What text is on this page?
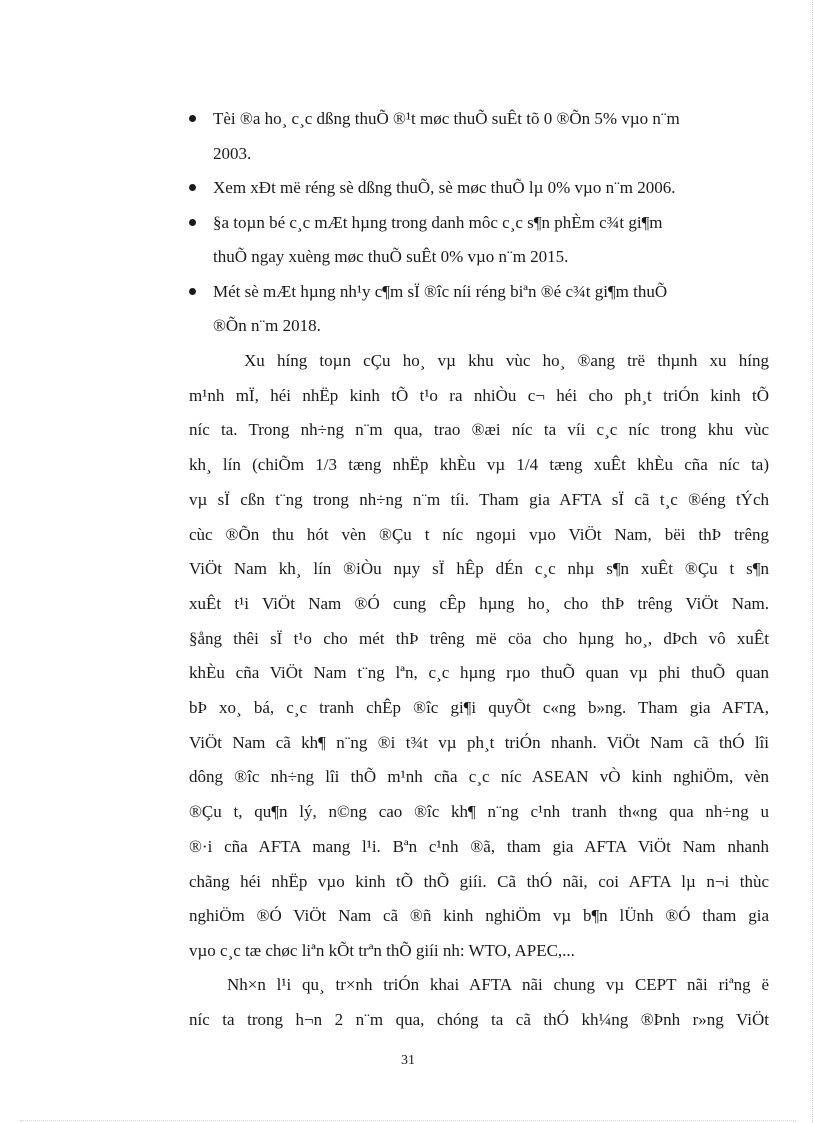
Tèi ®a ho¸ c¸c dßng thuÕ ®¹t møc thuÕ suÊt tõ 0 ®Õn 5% vµo n¨m
2003.
Xem xÐt më réng sè dßng thuÕ, sè møc thuÕ lµ 0% vµo n¨m 2006.
§a toµn bé c¸c mÆt hµng trong danh môc c¸c s¶n phÈm c¾t gi¶m
thuÕ ngay xuèng møc thuÕ suÊt 0% vµo n¨m 2015.
Mét sè mÆt hµng nh¹y c¶m sÏ ®îc níi réng biªn ®é c¾t gi¶m thuÕ
®Õn n¨m 2018.
Xu híng toµn cÇu ho¸ vµ khu vùc ho¸ ®ang trë thµnh xu híng
m¹nh mÏ, héi nhËp kinh tÕ t¹o ra nhiÒu c¬ héi cho ph¸t triÓn kinh tÕ
níc ta. Trong nh÷ng n¨m qua, trao ®æi níc ta víi c¸c níc trong khu vùc
kh¸ lín (chiÕm 1/3 tæng nhËp khÈu vµ 1/4 tæng xuÊt khÈu cña níc ta)
vµ sÏ cßn t¨ng trong nh÷ng n¨m tíi. Tham gia AFTA sÏ cã t¸c ®éng tÝch
cùc ®Õn thu hót vèn ®Çu t níc ngoµi vµo ViÖt Nam, bëi thÞ trêng
ViÖt Nam kh¸ lín ®iÒu nµy sÏ hÊp dÉn c¸c nhµ s¶n xuÊt ®Çu t s¶n
xuÊt t¹i ViÖt Nam ®Ó cung cÊp hµng ho¸ cho thÞ trêng ViÖt Nam.
§ång thêi sÏ t¹o cho mét thÞ trêng më cöa cho hµng ho¸, dÞch vô xuÊt
khÈu cña ViÖt Nam t¨ng lªn, c¸c hµng rµo thuÕ quan vµ phi thuÕ quan
bÞ xo¸ bá, c¸c tranh chÊp ®îc gi¶i quyÕt c«ng b»ng. Tham gia AFTA,
ViÖt Nam cã kh¶ n¨ng ®i t¾t vµ ph¸t triÓn nhanh. ViÖt Nam cã thÓ lîi
dông ®îc nh÷ng lîi thÕ m¹nh cña c¸c níc ASEAN vÒ kinh nghiÖm, vèn
®Çu t, qu¶n lý, n©ng cao ®îc kh¶ n¨ng c¹nh tranh th«ng qua nh÷ng u
®·i cña AFTA mang l¹i. Bªn c¹nh ®ã, tham gia AFTA ViÖt Nam nhanh
chãng héi nhËp vµo kinh tÕ thÕ giíi. Cã thÓ nãi, coi AFTA lµ n¬i thùc
nghiÖm ®Ó ViÖt Nam cã ®ñ kinh nghiÖm vµ b¶n lÜnh ®Ó tham gia
vµo c¸c tæ chøc liªn kÕt trªn thÕ giíi nh: WTO, APEC,...
Nh×n l¹i qu¸ tr×nh triÓn khai AFTA nãi chung vµ CEPT nãi riªng ë
níc ta trong h¬n 2 n¨m qua, chóng ta cã thÓ kh¼ng ®Þnh r»ng ViÖt
31
